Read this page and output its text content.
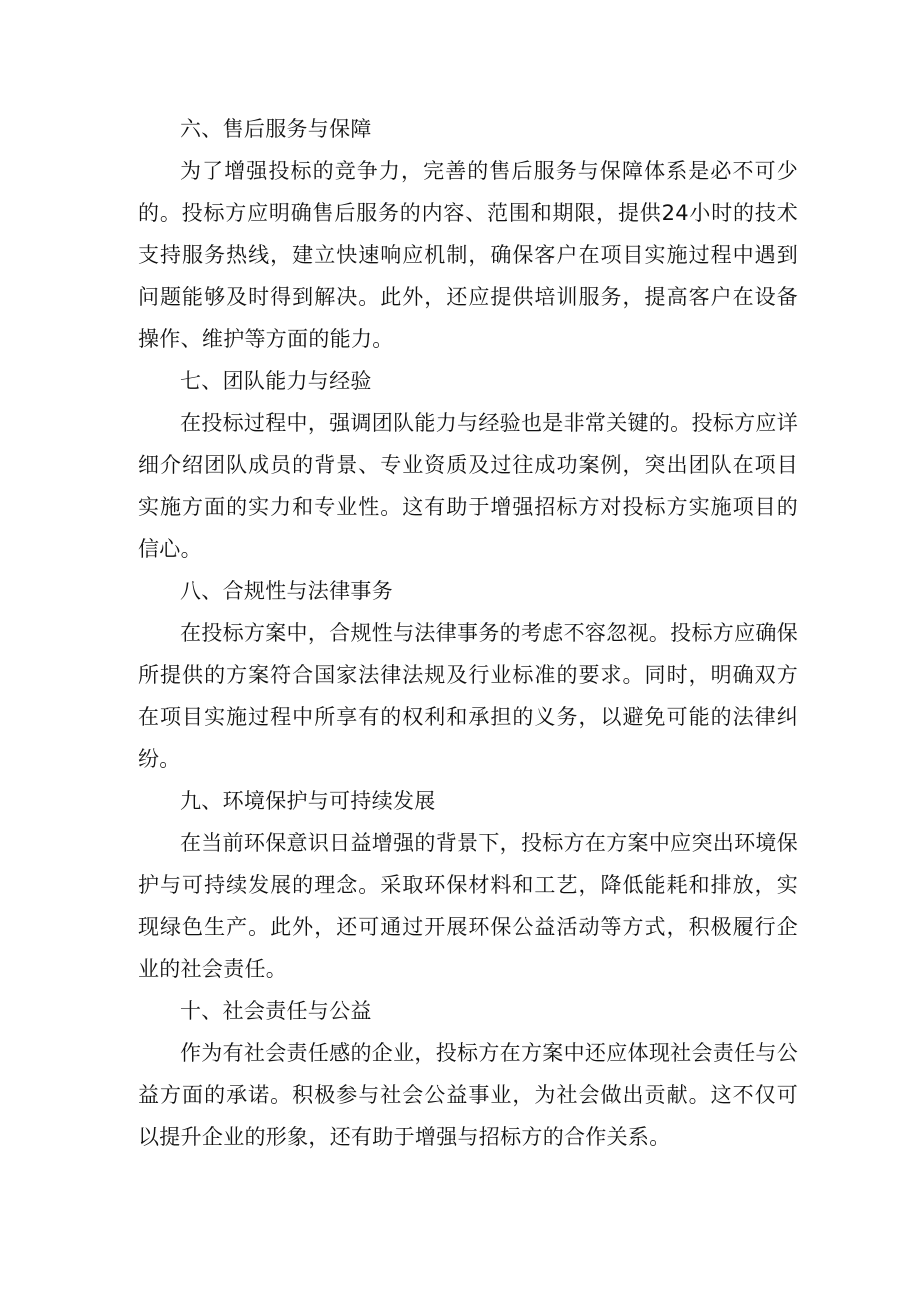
六、售后服务与保障

为了增强投标的竞争力，完善的售后服务与保障体系是必不可少的。投标方应明确售后服务的内容、范围和期限，提供24小时的技术支持服务热线，建立快速响应机制，确保客户在项目实施过程中遇到问题能够及时得到解决。此外，还应提供培训服务，提高客户在设备操作、维护等方面的能力。

七、团队能力与经验

在投标过程中，强调团队能力与经验也是非常关键的。投标方应详细介绍团队成员的背景、专业资质及过往成功案例，突出团队在项目实施方面的实力和专业性。这有助于增强招标方对投标方实施项目的信心。

八、合规性与法律事务

在投标方案中，合规性与法律事务的考虑不容忽视。投标方应确保所提供的方案符合国家法律法规及行业标准的要求。同时，明确双方在项目实施过程中所享有的权利和承担的义务，以避免可能的法律纠纷。

九、环境保护与可持续发展

在当前环保意识日益增强的背景下，投标方在方案中应突出环境保护与可持续发展的理念。采取环保材料和工艺，降低能耗和排放，实现绿色生产。此外，还可通过开展环保公益活动等方式，积极履行企业的社会责任。

十、社会责任与公益

作为有社会责任感的企业，投标方在方案中还应体现社会责任与公益方面的承诺。积极参与社会公益事业，为社会做出贡献。这不仅可以提升企业的形象，还有助于增强与招标方的合作关系。
